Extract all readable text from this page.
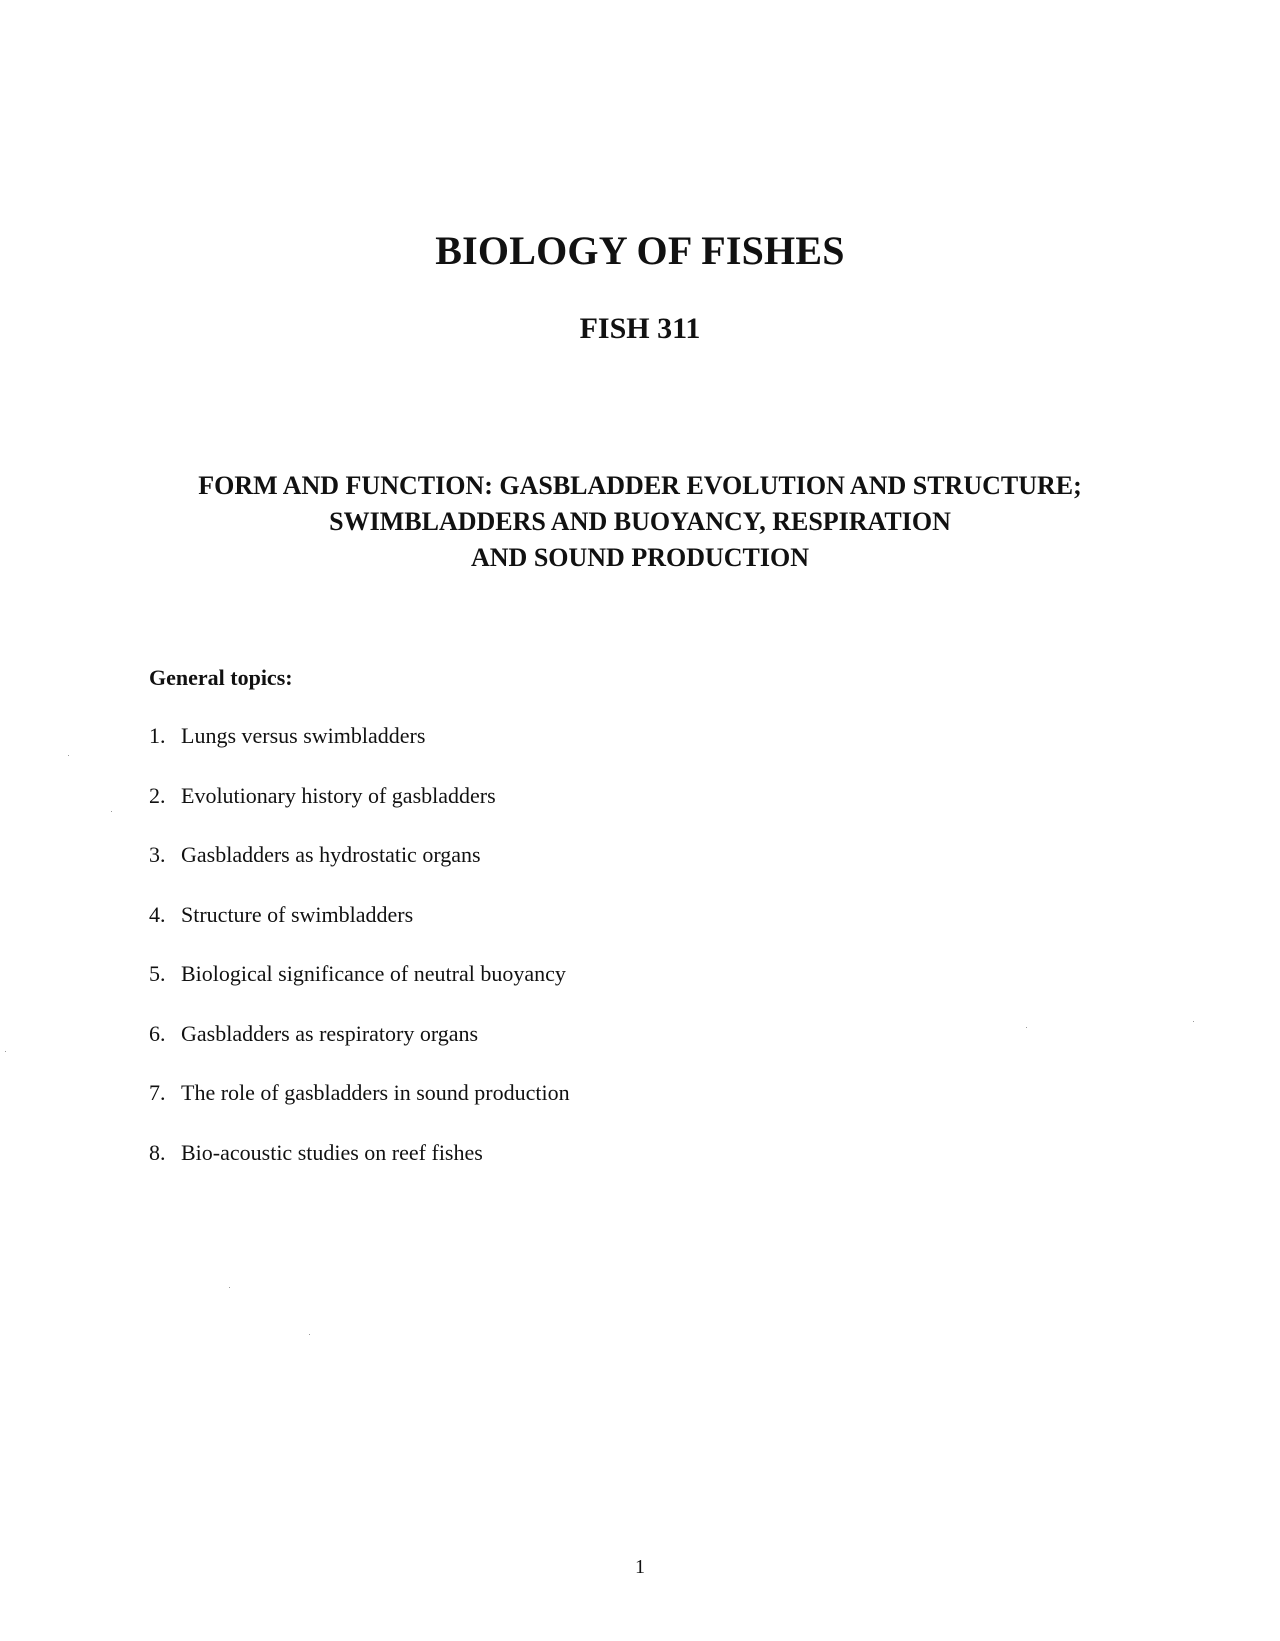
BIOLOGY OF FISHES
FISH 311
FORM AND FUNCTION: GASBLADDER EVOLUTION AND STRUCTURE;
SWIMBLADDERS AND BUOYANCY, RESPIRATION
AND SOUND PRODUCTION

General topics:

1. Lungs versus swimbladders
2. Evolutionary history of gasbladders
3. Gasbladders as hydrostatic organs
4. Structure of swimbladders
5. Biological significance of neutral buoyancy
6. Gasbladders as respiratory organs
7. The role of gasbladders in sound production
8. Bio-acoustic studies on reef fishes

1
